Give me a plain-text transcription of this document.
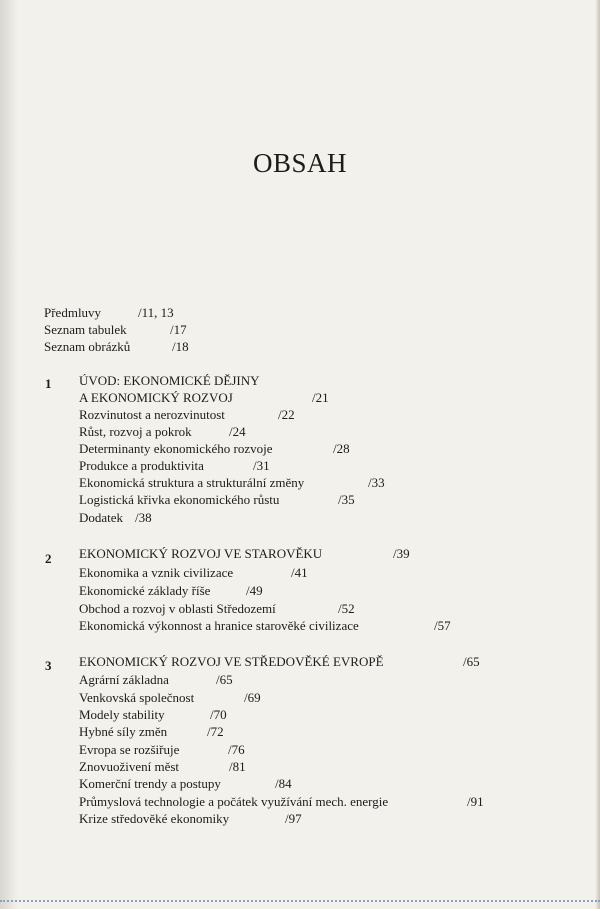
OBSAH
Předmluvy	/11, 13
Seznam tabulek	/17
Seznam obrázků	/18
1 ÚVOD: EKONOMICKÉ DĚJINY
A EKONOMICKÝ ROZVOJ	/21
Rozvinutost a nerozvinutost	/22
Růst, rozvoj a pokrok	/24
Determinanty ekonomického rozvoje	/28
Produkce a produktivita	/31
Ekonomická struktura a strukturální změny	/33
Logistická křivka ekonomického růstu	/35
Dodatek /38
2 EKONOMICKÝ ROZVOJ VE STAROVĚKU	/39
Ekonomika a vznik civilizace	/41
Ekonomické základy říše	/49
Obchod a rozvoj v oblasti Středozemí	/52
Ekonomická výkonnost a hranice starověké civilizace	/57
3 EKONOMICKÝ ROZVOJ VE STŘEDOVĚKÉ EVROPĚ	/65
Agrární základna	/65
Venkovská společnost	/69
Modely stability	/70
Hybné síly změn	/72
Evropa se rozšiřuje	/76
Znovuoživení měst	/81
Komerční trendy a postupy	/84
Průmyslová technologie a počátek využívání mech. energie	/91
Krize středověké ekonomiky	/97
